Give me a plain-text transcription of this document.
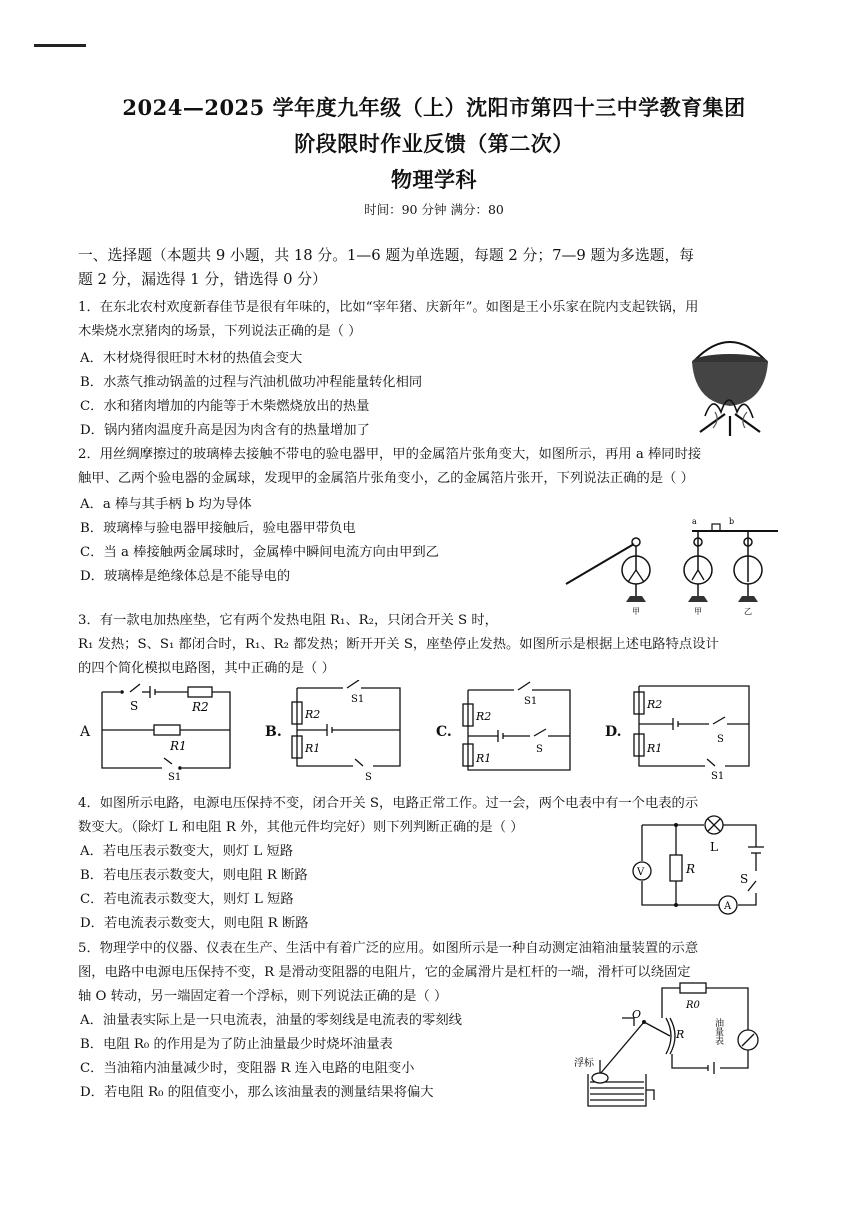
2024—2025 学年度九年级（上）沈阳市第四十三中学教育集团
阶段限时作业反馈（第二次）
物理学科
时间：90 分钟 满分：80
一、选择题（本题共 9 小题，共 18 分。1—6 题为单选题，每题 2 分；7—9 题为多选题，每
题 2 分，漏选得 1 分，错选得 0 分）
1．在东北农村欢度新春佳节是很有年味的，比如“宰年猪、庆新年”。如图是王小乐家在院内支起铁锅，用
木柴烧水烹猪肉的场景，下列说法正确的是（ ）
A．木材烧得很旺时木材的热值会变大
B．水蒸气推动锅盖的过程与汽油机做功冲程能量转化相同
C．水和猪肉增加的内能等于木柴燃烧放出的热量
D．锅内猪肉温度升高是因为肉含有的热量增加了
2．用丝绸摩擦过的玻璃棒去接触不带电的验电器甲，甲的金属箔片张角变大，如图所示，再用 a 棒同时接
触甲、乙两个验电器的金属球，发现甲的金属箔片张角变小，乙的金属箔片张开，下列说法正确的是（ ）
A．a 棒与其手柄 b 均为导体
B．玻璃棒与验电器甲接触后，验电器甲带负电
C．当 a 棒接触两金属球时，金属棒中瞬间电流方向由甲到乙
D．玻璃棒是绝缘体总是不能导电的
a	b
甲	甲	乙
3．有一款电加热座垫，它有两个发热电阻 R₁、R₂，只闭合开关 S 时，
R₁ 发热；S、S₁ 都闭合时，R₁、R₂ 都发热；断开开关 S，座垫停止发热。如图所示是根据上述电路特点设计
的四个简化模拟电路图，其中正确的是（ ）
A
S	R2
R1
S1
B.
R2
R1
S1
S
C.
R2
R1
S1
S
D.
R2
R1
S
S1
4．如图所示电路，电源电压保持不变，闭合开关 S，电路正常工作。过一会，两个电表中有一个电表的示
数变大。（除灯 L 和电阻 R 外，其他元件均完好）则下列判断正确的是（ ）
A．若电压表示数变大，则灯 L 短路
B．若电压表示数变大，则电阻 R 断路
C．若电流表示数变大，则灯 L 短路
D．若电流表示数变大，则电阻 R 断路
V	R
L
S
A
5．物理学中的仪器、仪表在生产、生活中有着广泛的应用。如图所示是一种自动测定油箱油量装置的示意
图，电路中电源电压保持不变，R 是滑动变阻器的电阻片，它的金属滑片是杠杆的一端，滑杆可以绕固定
轴 O 转动，另一端固定着一个浮标，则下列说法正确的是（ ）
A．油量表实际上是一只电流表，油量的零刻线是电流表的零刻线
B．电阻 R₀ 的作用是为了防止油量最少时烧坏油量表
C．当油箱内油量减少时，变阻器 R 连入电路的电阻变小
D．若电阻 R₀ 的阻值变小，那么该油量表的测量结果将偏大
R0
O
R	油量表
浮标
